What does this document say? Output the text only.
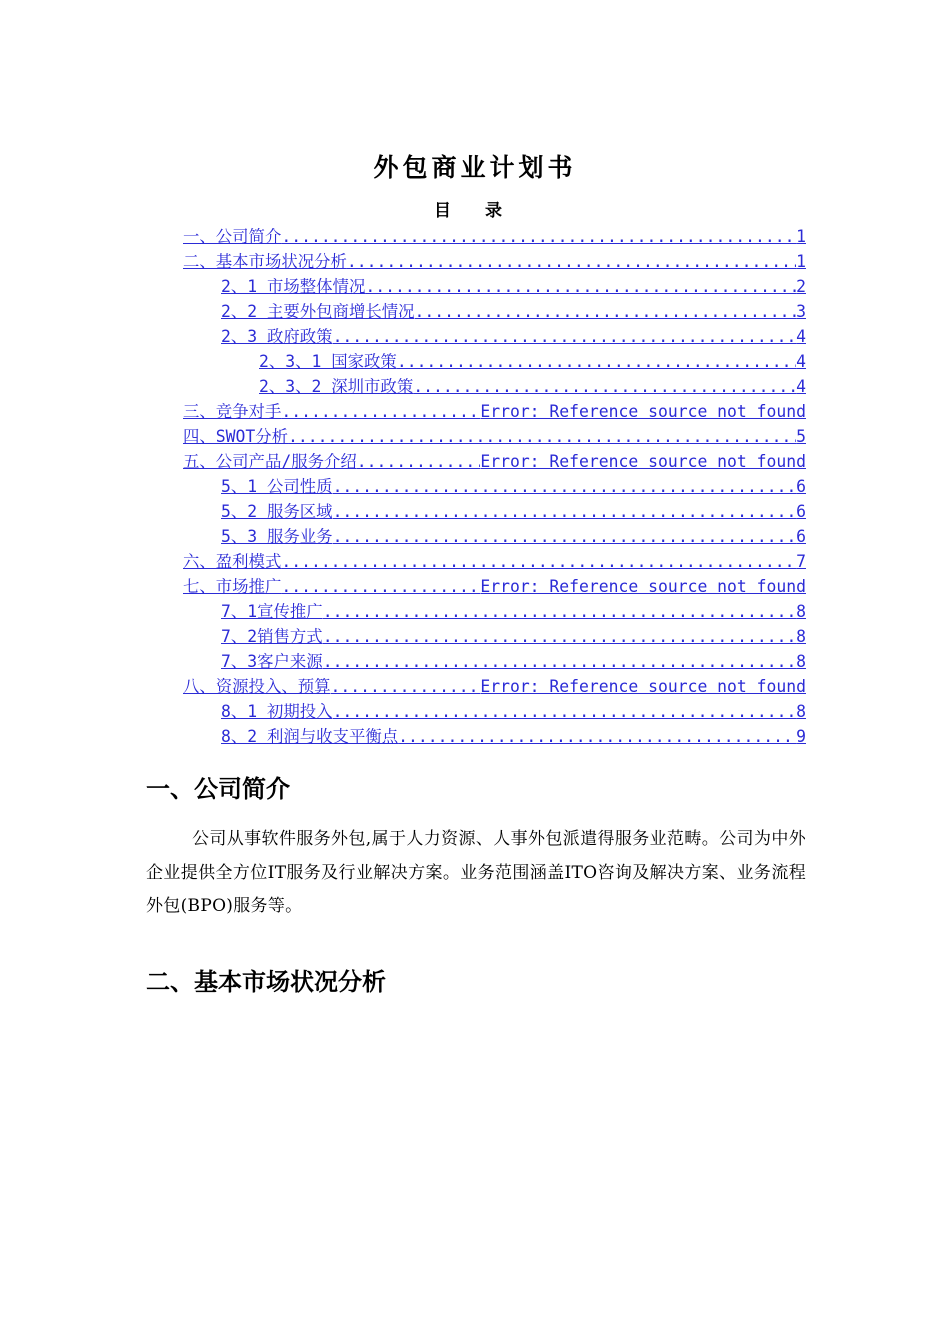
外包商业计划书
目 录
一、公司简介 .....	1
二、基本市场状况分析 .....	1
2、1 市场整体情况 .....	2
2、2 主要外包商增长情况 .....	3
2、3 政府政策 .....	4
2、3、1 国家政策 .....	4
2、3、2 深圳市政策 .....	4
三、竞争对手 .....	Error: Reference source not found
四、SWOT分析 .....	5
五、公司产品/服务介绍 .....	Error: Reference source not found
5、1 公司性质 .....	6
5、2 服务区域 .....	6
5、3 服务业务 .....	6
六、盈利模式 .....	7
七、市场推广 .....	Error: Reference source not found
7、1宣传推广 .....	8
7、2销售方式 .....	8
7、3客户来源 .....	8
八、资源投入、预算 .....	Error: Reference source not found
8、1 初期投入 .....	8
8、2 利润与收支平衡点 .....	9
一、公司简介

公司从事软件服务外包,属于人力资源、人事外包派遣得服务业范畴。公司为中外企业提供全方位IT服务及行业解决方案。业务范围涵盖ITO咨询及解决方案、业务流程外包(BPO)服务等。

二、基本市场状况分析
